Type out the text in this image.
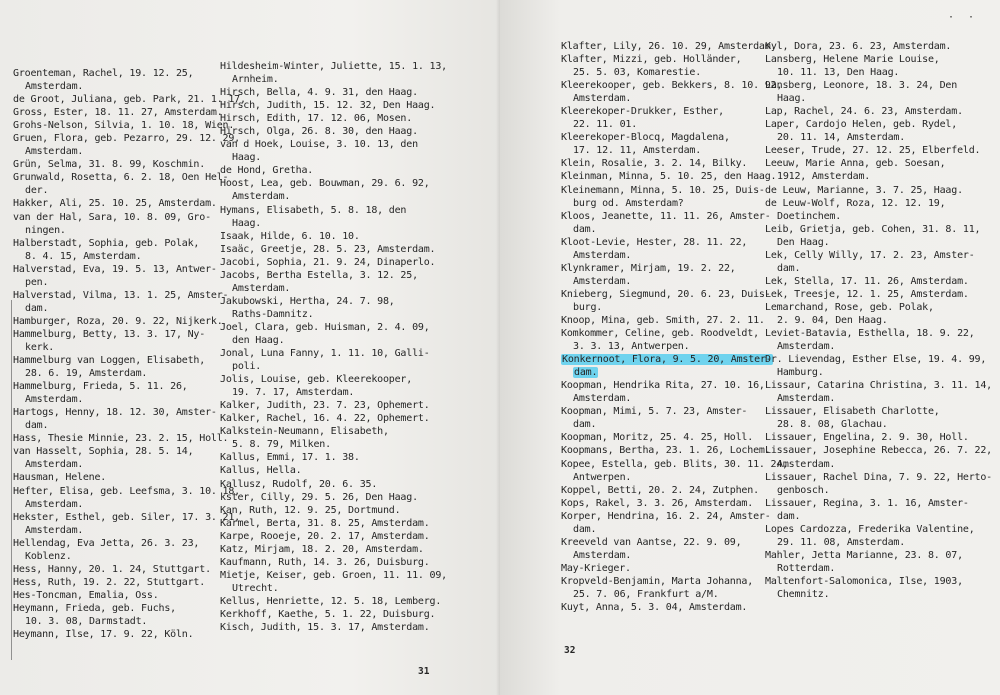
Groenteman, Rachel, 19. 12. 25,
Amsterdam.
de Groot, Juliana, geb. Park, 21. 1. 17,
Gross, Ester, 18. 11. 27, Amsterdam.
Grohs-Nelson, Silvia, 1. 10. 18, Wien.
Gruen, Flora, geb. Pezarro, 29. 12. 29,
Amsterdam.
Grün, Selma, 31. 8. 99, Koschmin.
Grunwald, Rosetta, 6. 2. 18, Oen Hel-
der.
Hakker, Ali, 25. 10. 25, Amsterdam.
van der Hal, Sara, 10. 8. 09, Gro-
ningen.
Halberstadt, Sophia, geb. Polak,
8. 4. 15, Amsterdam.
Halverstad, Eva, 19. 5. 13, Antwer-
pen.
Halverstad, Vilma, 13. 1. 25, Amster-
dam.
Hamburger, Roza, 20. 9. 22, Nijkerk.
Hammelburg, Betty, 13. 3. 17, Ny-
kerk.
Hammelburg van Loggen, Elisabeth,
28. 6. 19, Amsterdam.
Hammelburg, Frieda, 5. 11. 26,
Amsterdam.
Hartogs, Henny, 18. 12. 30, Amster-
dam.
Hass, Thesie Minnie, 23. 2. 15, Holl.
van Hasselt, Sophia, 28. 5. 14,
Amsterdam.
Hausman, Helene.
Hefter, Elisa, geb. Leefsma, 3. 10. 18,
Amsterdam.
Hekster, Esthel, geb. Siler, 17. 3. 21,
Amsterdam.
Hellendag, Eva Jetta, 26. 3. 23,
Koblenz.
Hess, Hanny, 20. 1. 24, Stuttgart.
Hess, Ruth, 19. 2. 22, Stuttgart.
Hes-Toncman, Emalia, Oss.
Heymann, Frieda, geb. Fuchs,
10. 3. 08, Darmstadt.
Heymann, Ilse, 17. 9. 22, Köln.
Hildesheim-Winter, Juliette, 15. 1. 13,
Arnheim.
Hirsch, Bella, 4. 9. 31, den Haag.
Hirsch, Judith, 15. 12. 32, Den Haag.
Hirsch, Edith, 17. 12. 06, Mosen.
Hirsch, Olga, 26. 8. 30, den Haag.
van d Hoek, Louise, 3. 10. 13, den
Haag.
de Hond, Gretha.
Hoost, Lea, geb. Bouwman, 29. 6. 92,
Amsterdam.
Hymans, Elisabeth, 5. 8. 18, den
Haag.
Isaak, Hilde, 6. 10. 10.
Isaäc, Greetje, 28. 5. 23, Amsterdam.
Jacobi, Sophia, 21. 9. 24, Dinaperlo.
Jacobs, Bertha Estella, 3. 12. 25,
Amsterdam.
Jakubowski, Hertha, 24. 7. 98,
Raths-Damnitz.
Joel, Clara, geb. Huisman, 2. 4. 09,
den Haag.
Jonal, Luna Fanny, 1. 11. 10, Galli-
poli.
Jolis, Louise, geb. Kleerekooper,
19. 7. 17, Amsterdam.
Kalker, Judith, 23. 7. 23, Ophemert.
Kalker, Rachel, 16. 4. 22, Ophemert.
Kalkstein-Neumann, Elisabeth,
5. 8. 79, Milken.
Kallus, Emmi, 17. 1. 38.
Kallus, Hella.
Kallusz, Rudolf, 20. 6. 35.
kster, Cilly, 29. 5. 26, Den Haag.
Kan, Ruth, 12. 9. 25, Dortmund.
Karmel, Berta, 31. 8. 25, Amsterdam.
Karpe, Rooeje, 20. 2. 17, Amsterdam.
Katz, Mirjam, 18. 2. 20, Amsterdam.
Kaufmann, Ruth, 14. 3. 26, Duisburg.
Mietje, Keiser, geb. Groen, 11. 11. 09,
Utrecht.
Kellus, Henriette, 12. 5. 18, Lemberg.
Kerkhoff, Kaethe, 5. 1. 22, Duisburg.
Kisch, Judith, 15. 3. 17, Amsterdam.
31
· ·
Klafter, Lily, 26. 10. 29, Amsterdam.
Klafter, Mizzi, geb. Holländer,
25. 5. 03, Komarestie.
Kleerekooper, geb. Bekkers, 8. 10. 92,
Amsterdam.
Kleerekoper-Drukker, Esther,
22. 11. 01.
Kleerekoper-Blocq, Magdalena,
17. 12. 11, Amsterdam.
Klein, Rosalie, 3. 2. 14, Bilky.
Kleinman, Minna, 5. 10. 25, den Haag.
Kleinemann, Minna, 5. 10. 25, Duis-
burg od. Amsterdam?
Kloos, Jeanette, 11. 11. 26, Amster-
dam.
Kloot-Levie, Hester, 28. 11. 22,
Amsterdam.
Klynkramer, Mirjam, 19. 2. 22,
Amsterdam.
Knieberg, Siegmund, 20. 6. 23, Duis-
burg.
Knoop, Mina, geb. Smith, 27. 2. 11.
Komkommer, Celine, geb. Roodveldt,
3. 3. 13, Antwerpen.
Konkernoot, Flora, 9. 5. 20, Amster-
dam.
Koopman, Hendrika Rita, 27. 10. 16,
Amsterdam.
Koopman, Mimi, 5. 7. 23, Amster-
dam.
Koopman, Moritz, 25. 4. 25, Holl.
Koopmans, Bertha, 23. 1. 26, Lochem.
Kopee, Estella, geb. Blits, 30. 11. 24,
Antwerpen.
Koppel, Betti, 20. 2. 24, Zutphen.
Kops, Rakel, 3. 3. 26, Amsterdam.
Korper, Hendrina, 16. 2. 24, Amster-
dam.
Kreeveld van Aantse, 22. 9. 09,
Amsterdam.
May-Krieger.
Kropveld-Benjamin, Marta Johanna,
25. 7. 06, Frankfurt a/M.
Kuyt, Anna, 5. 3. 04, Amsterdam.
Kyl, Dora, 23. 6. 23, Amsterdam.
Lansberg, Helene Marie Louise,
10. 11. 13, Den Haag.
Lansberg, Leonore, 18. 3. 24, Den
Haag.
Lap, Rachel, 24. 6. 23, Amsterdam.
Laper, Cardojo Helen, geb. Rydel,
20. 11. 14, Amsterdam.
Leeser, Trude, 27. 12. 25, Elberfeld.
Leeuw, Marie Anna, geb. Soesan,
1912, Amsterdam.
de Leuw, Marianne, 3. 7. 25, Haag.
de Leuw-Wolf, Roza, 12. 12. 19,
Doetinchem.
Leib, Grietja, geb. Cohen, 31. 8. 11,
Den Haag.
Lek, Celly Willy, 17. 2. 23, Amster-
dam.
Lek, Stella, 17. 11. 26, Amsterdam.
Lek, Treesje, 12. 1. 25, Amsterdam.
Lemarchand, Rose, geb. Polak,
2. 9. 04, Den Haag.
Leviet-Batavia, Esthella, 18. 9. 22,
Amsterdam.
Dr. Lievendag, Esther Else, 19. 4. 99,
Hamburg.
Lissaur, Catarina Christina, 3. 11. 14,
Amsterdam.
Lissauer, Elisabeth Charlotte,
28. 8. 08, Glachau.
Lissauer, Engelina, 2. 9. 30, Holl.
Lissauer, Josephine Rebecca, 26. 7. 22,
Amsterdam.
Lissauer, Rachel Dina, 7. 9. 22, Herto-
genbosch.
Lissauer, Regina, 3. 1. 16, Amster-
dam.
Lopes Cardozza, Frederika Valentine,
29. 11. 08, Amsterdam.
Mahler, Jetta Marianne, 23. 8. 07,
Rotterdam.
Maltenfort-Salomonica, Ilse, 1903,
Chemnitz.
32
